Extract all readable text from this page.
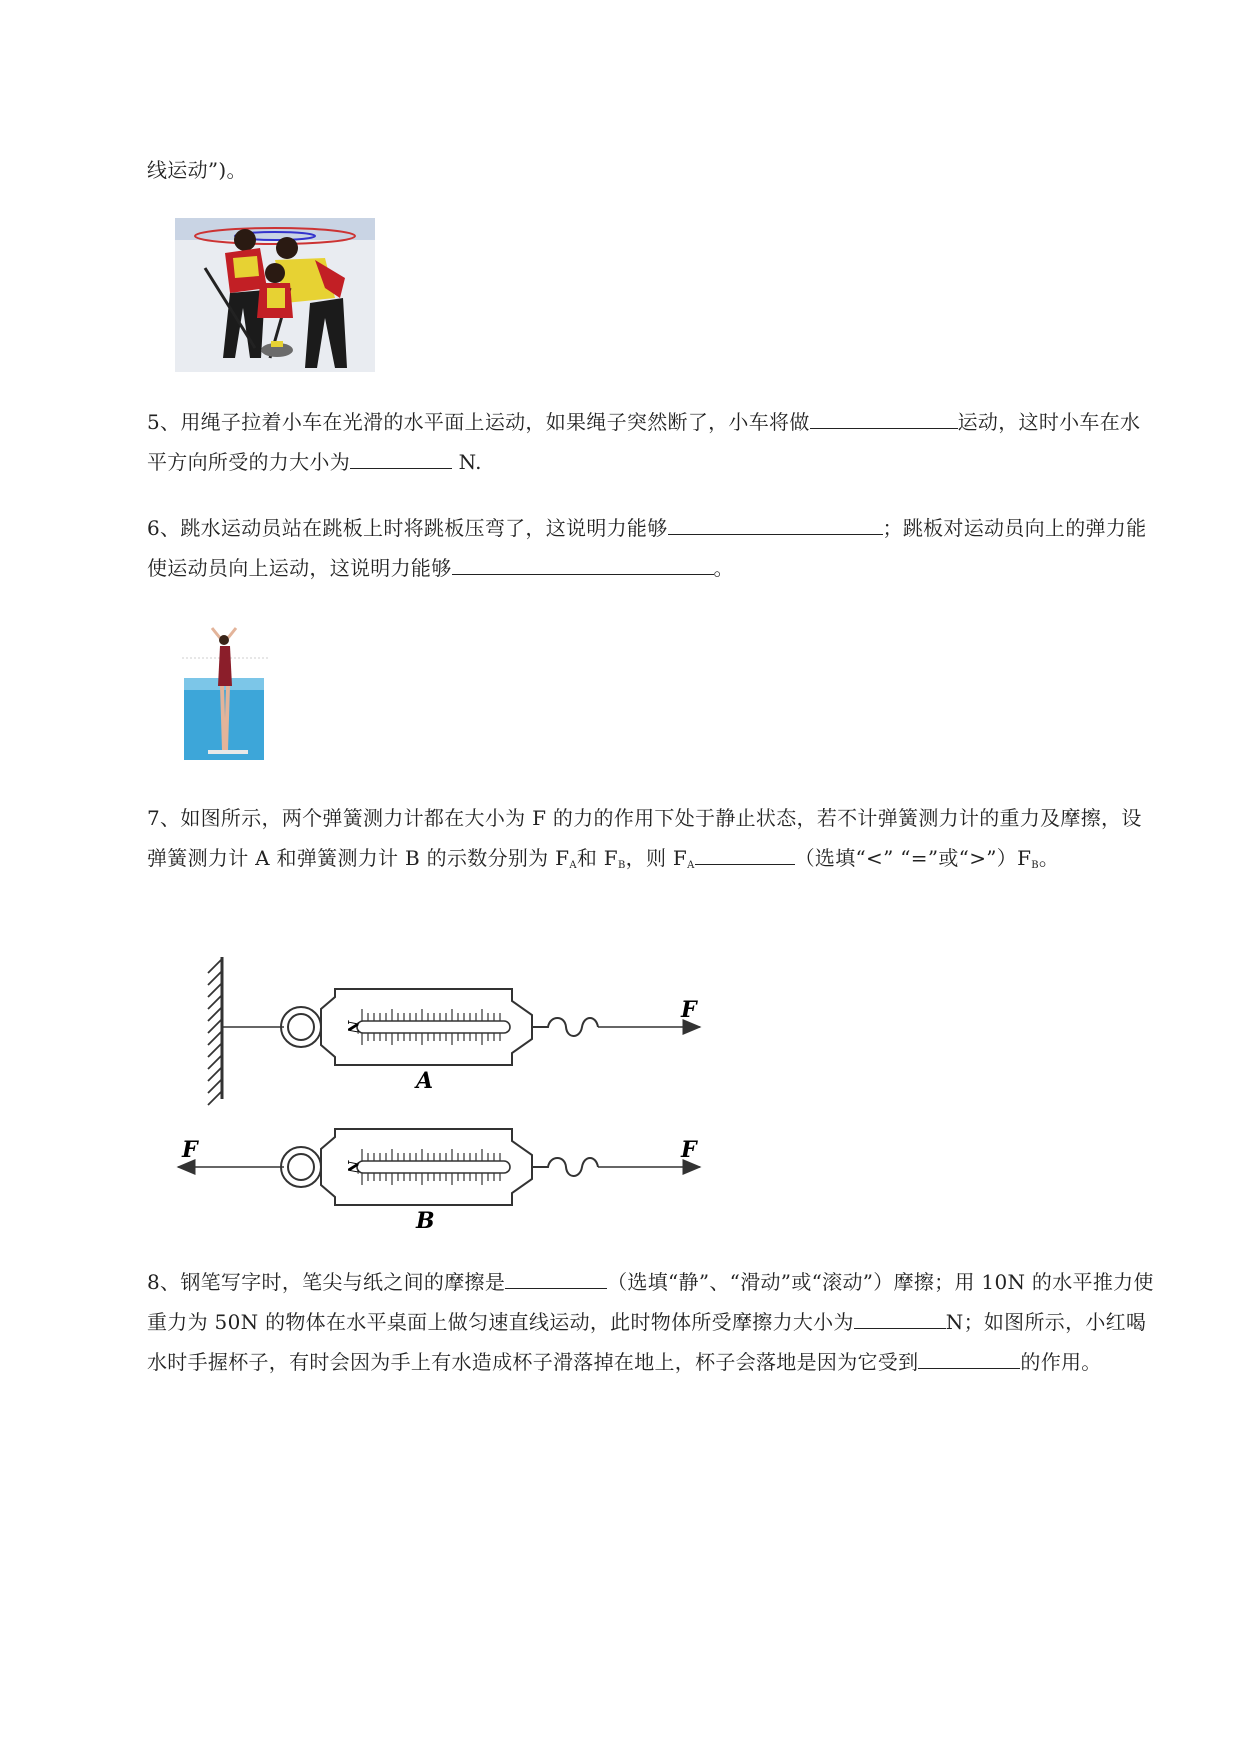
线运动”)。

5、用绳子拉着小车在光滑的水平面上运动，如果绳子突然断了，小车将做	运动，这时小车在水平方向所受的力大小为	N.

6、跳水运动员站在跳板上时将跳板压弯了，这说明力能够	；跳板对运动员向上的弹力能使运动员向上运动，这说明力能够	。

7、如图所示，两个弹簧测力计都在大小为 F 的力的作用下处于静止状态，若不计弹簧测力计的重力及摩擦，设弹簧测力计 A 和弹簧测力计 B 的示数分别为 $F_A$和 $F_B$，则 $F_A$	（选填“<” “=”或“$>”)F_B$。

N
F
A
F
N
F
B

8、钢笔写字时，笔尖与纸之间的摩擦是	（选填“静”、“滑动”或“滚动”）摩擦；用 10N 的水平推力使重力为 50N 的物体在水平桌面上做匀速直线运动，此时物体所受摩擦力大小为	N；如图所示，小红喝水时手握杯子，有时会因为手上有水造成杯子滑落掉在地上，杯子会落地是因为它受到	的作用。
